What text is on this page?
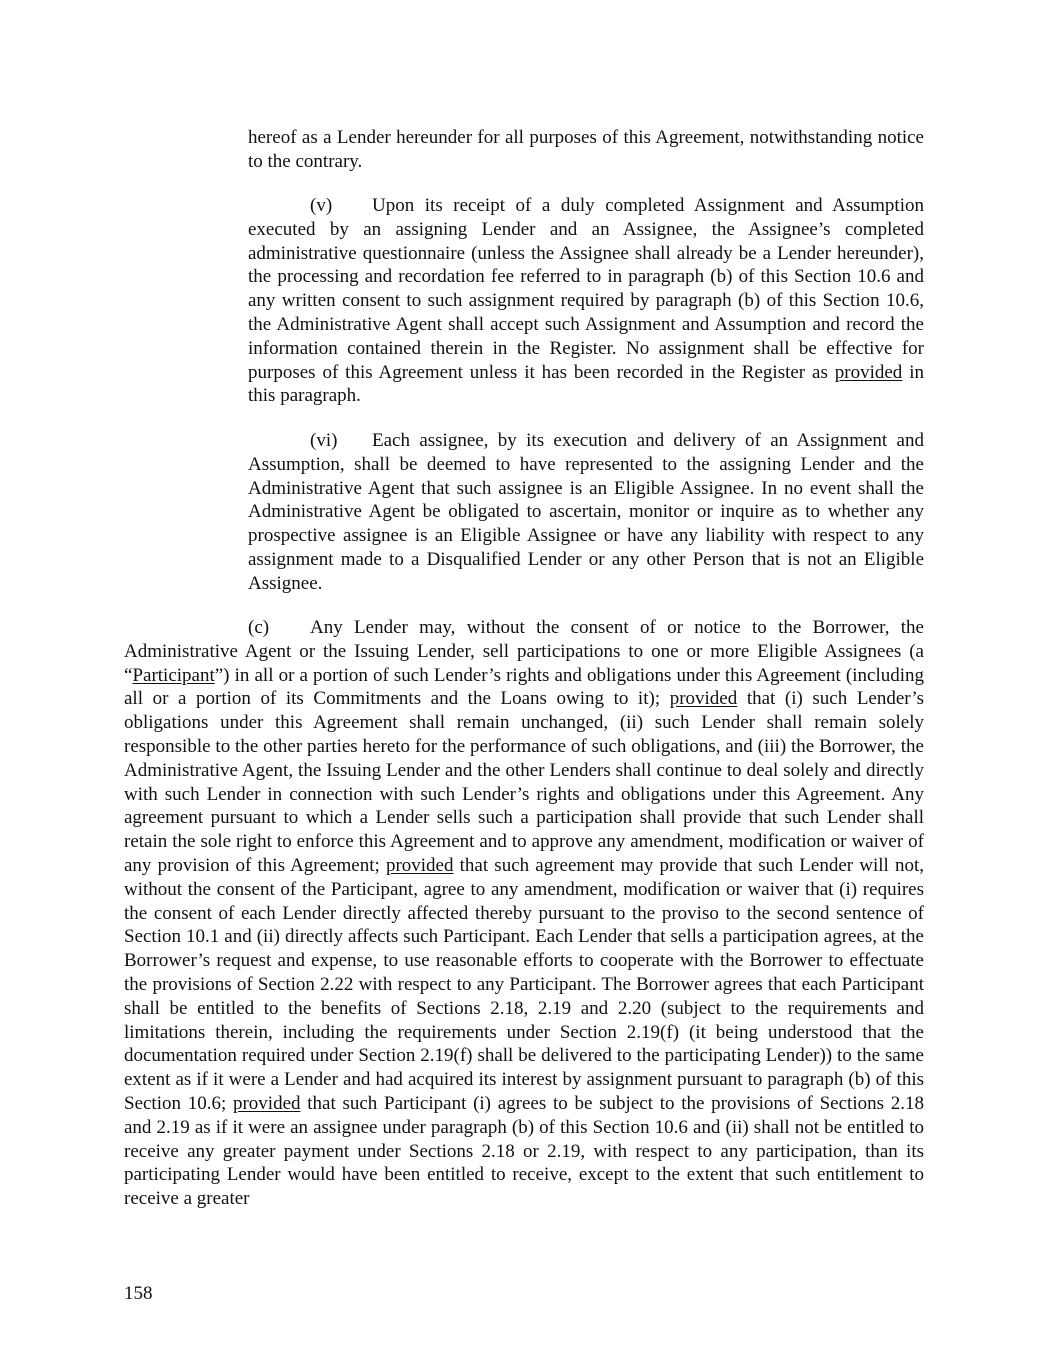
hereof as a Lender hereunder for all purposes of this Agreement, notwithstanding notice to the contrary.

(v) Upon its receipt of a duly completed Assignment and Assumption executed by an assigning Lender and an Assignee, the Assignee’s completed administrative questionnaire (unless the Assignee shall already be a Lender hereunder), the processing and recordation fee referred to in paragraph (b) of this Section 10.6 and any written consent to such assignment required by paragraph (b) of this Section 10.6, the Administrative Agent shall accept such Assignment and Assumption and record the information contained therein in the Register. No assignment shall be effective for purposes of this Agreement unless it has been recorded in the Register as provided in this paragraph.

(vi) Each assignee, by its execution and delivery of an Assignment and Assumption, shall be deemed to have represented to the assigning Lender and the Administrative Agent that such assignee is an Eligible Assignee. In no event shall the Administrative Agent be obligated to ascertain, monitor or inquire as to whether any prospective assignee is an Eligible Assignee or have any liability with respect to any assignment made to a Disqualified Lender or any other Person that is not an Eligible Assignee.

(c) Any Lender may, without the consent of or notice to the Borrower, the Administrative Agent or the Issuing Lender, sell participations to one or more Eligible Assignees (a “Participant”) in all or a portion of such Lender’s rights and obligations under this Agreement (including all or a portion of its Commitments and the Loans owing to it); provided that (i) such Lender’s obligations under this Agreement shall remain unchanged, (ii) such Lender shall remain solely responsible to the other parties hereto for the performance of such obligations, and (iii) the Borrower, the Administrative Agent, the Issuing Lender and the other Lenders shall continue to deal solely and directly with such Lender in connection with such Lender’s rights and obligations under this Agreement. Any agreement pursuant to which a Lender sells such a participation shall provide that such Lender shall retain the sole right to enforce this Agreement and to approve any amendment, modification or waiver of any provision of this Agreement; provided that such agreement may provide that such Lender will not, without the consent of the Participant, agree to any amendment, modification or waiver that (i) requires the consent of each Lender directly affected thereby pursuant to the proviso to the second sentence of Section 10.1 and (ii) directly affects such Participant. Each Lender that sells a participation agrees, at the Borrower’s request and expense, to use reasonable efforts to cooperate with the Borrower to effectuate the provisions of Section 2.22 with respect to any Participant. The Borrower agrees that each Participant shall be entitled to the benefits of Sections 2.18, 2.19 and 2.20 (subject to the requirements and limitations therein, including the requirements under Section 2.19(f) (it being understood that the documentation required under Section 2.19(f) shall be delivered to the participating Lender)) to the same extent as if it were a Lender and had acquired its interest by assignment pursuant to paragraph (b) of this Section 10.6; provided that such Participant (i) agrees to be subject to the provisions of Sections 2.18 and 2.19 as if it were an assignee under paragraph (b) of this Section 10.6 and (ii) shall not be entitled to receive any greater payment under Sections 2.18 or 2.19, with respect to any participation, than its participating Lender would have been entitled to receive, except to the extent that such entitlement to receive a greater

158
